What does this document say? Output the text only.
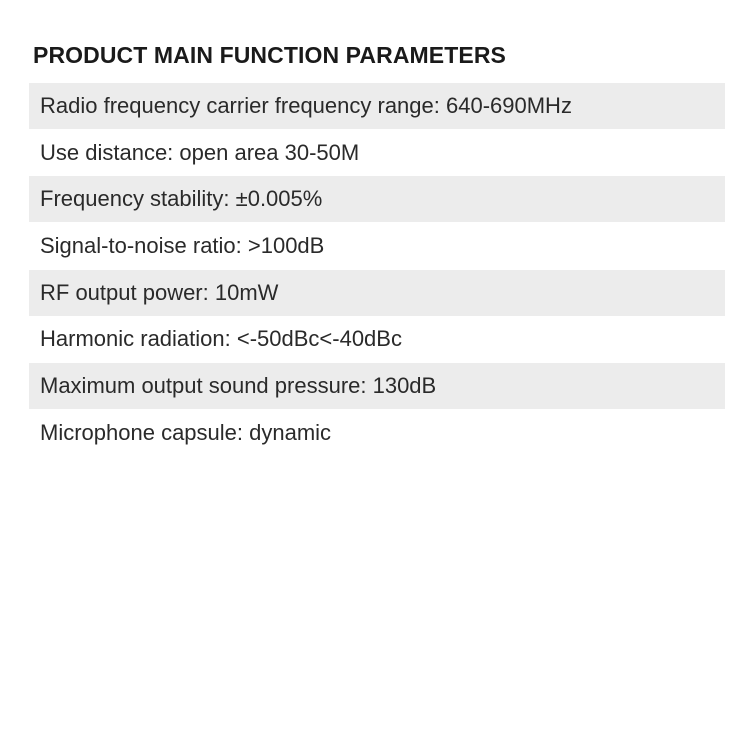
PRODUCT MAIN FUNCTION PARAMETERS
Radio frequency carrier frequency range: 640-690MHz
Use distance: open area 30-50M
Frequency stability: ±0.005%
Signal-to-noise ratio: >100dB
RF output power: 10mW
Harmonic radiation: <-50dBc<-40dBc
Maximum output sound pressure: 130dB
Microphone capsule: dynamic
